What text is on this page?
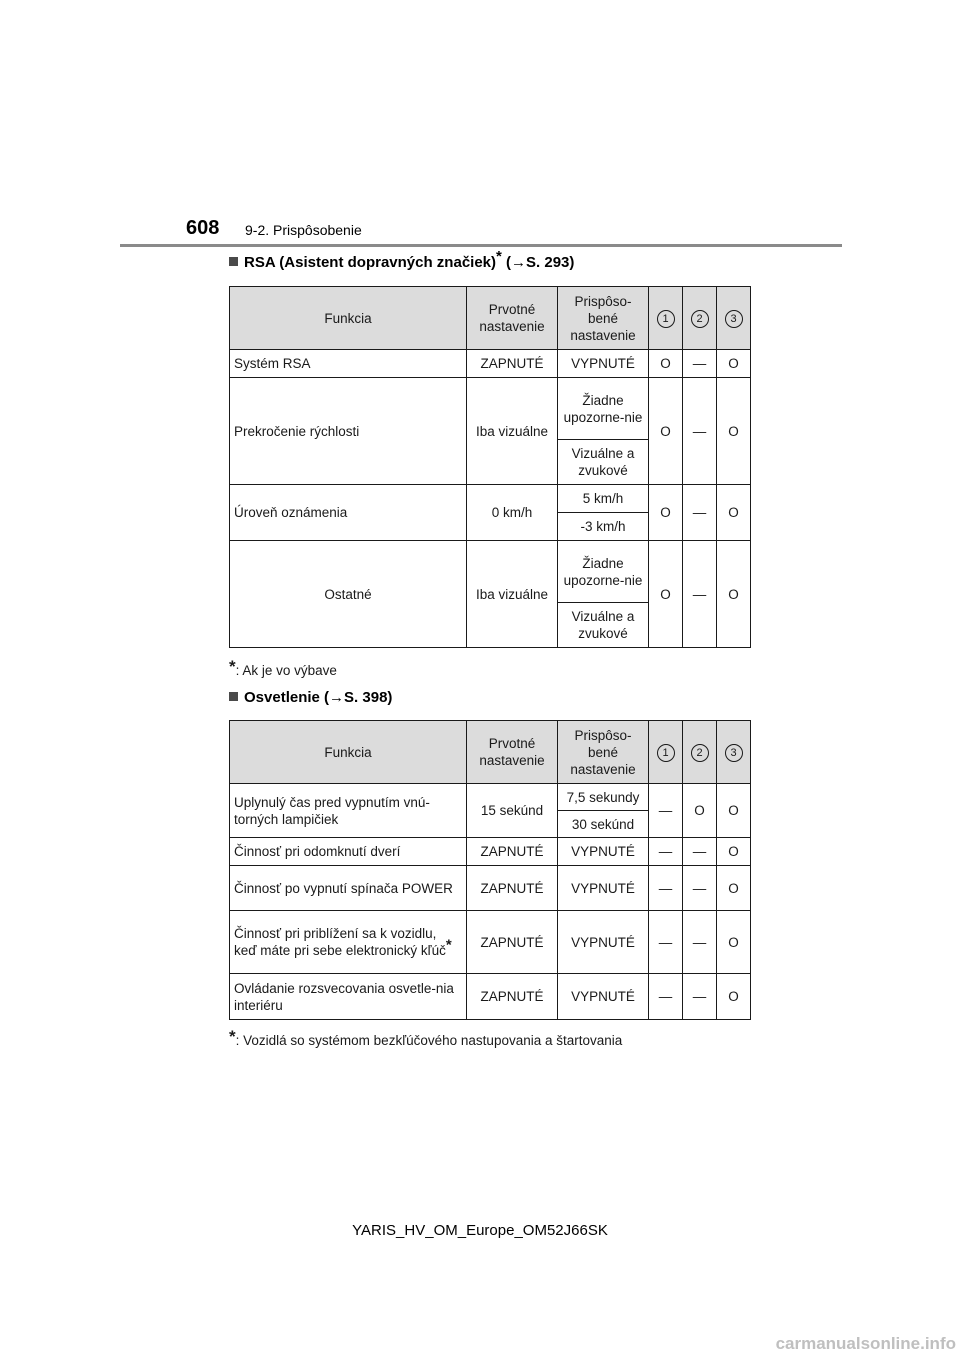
608 9-2. Prispôsobenie
RSA (Asistent dopravných značiek)* (→S. 293)
Funkcia	Prvotné nastavenie	Prispôso-bené nastavenie	1	2	3
Systém RSA	ZAPNUTÉ	VYPNUTÉ	O	—	O
Prekročenie rýchlosti	Iba vizuálne	Žiadne upozorne-nie	O	—	O
		Vizuálne a zvukové			
Úroveň oznámenia	0 km/h	5 km/h	O	—	O
		-3 km/h			
Ostatné	Iba vizuálne	Žiadne upozorne-nie	O	—	O
		Vizuálne a zvukové			
*: Ak je vo výbave
Osvetlenie (→S. 398)
Funkcia	Prvotné nastavenie	Prispôso-bené nastavenie	1	2	3
Uplynulý čas pred vypnutím vnú-torných lampičiek	15 sekúnd	7,5 sekundy	—	O	O
		30 sekúnd			
Činnosť pri odomknutí dverí	ZAPNUTÉ	VYPNUTÉ	—	—	O
Činnosť po vypnutí spínača POWER	ZAPNUTÉ	VYPNUTÉ	—	—	O
Činnosť pri priblížení sa k vozidlu, keď máte pri sebe elektronický kľúč*	ZAPNUTÉ	VYPNUTÉ	—	—	O
Ovládanie rozsvecovania osvetle-nia interiéru	ZAPNUTÉ	VYPNUTÉ	—	—	O
*: Vozidlá so systémom bezkľúčového nastupovania a štartovania
YARIS_HV_OM_Europe_OM52J66SK
carmanualsonline.info
